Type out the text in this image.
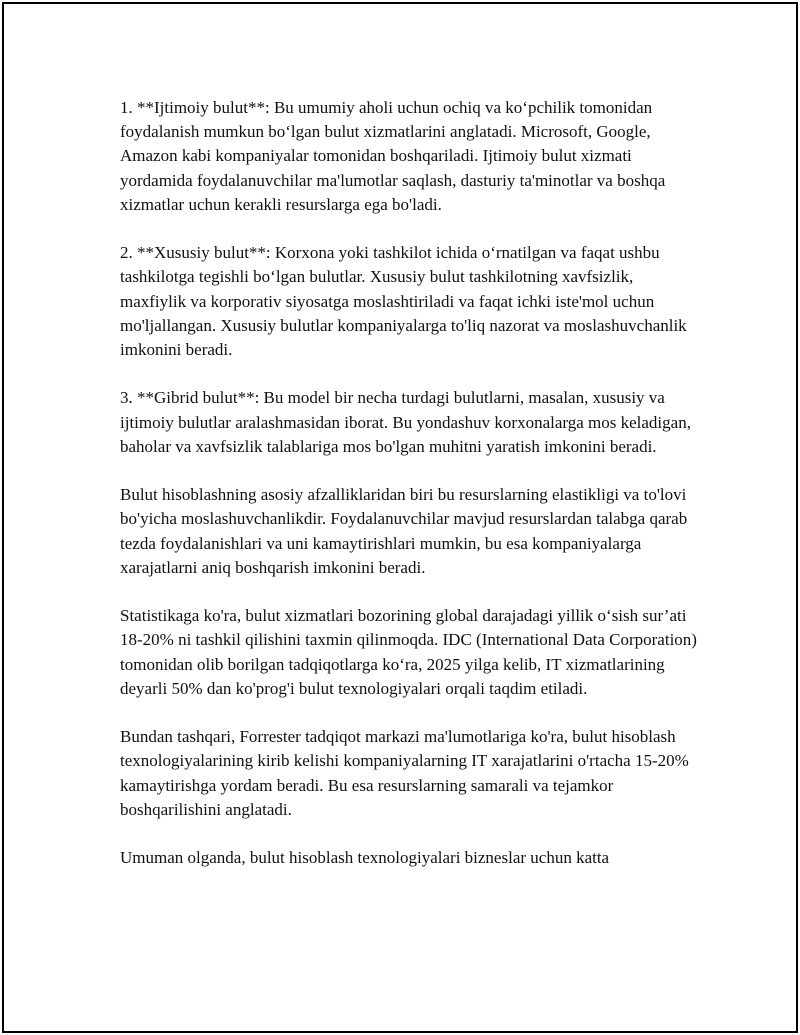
1. **Ijtimoiy bulut**: Bu umumiy aholi uchun ochiq va koʻpchilik tomonidan foydalanish mumkun boʻlgan bulut xizmatlarini anglatadi. Microsoft, Google, Amazon kabi kompaniyalar tomonidan boshqariladi. Ijtimoiy bulut xizmati yordamida foydalanuvchilar ma'lumotlar saqlash, dasturiy ta'minotlar va boshqa xizmatlar uchun kerakli resurslarga ega bo'ladi.

2. **Xususiy bulut**: Korxona yoki tashkilot ichida oʻrnatilgan va faqat ushbu tashkilotga tegishli boʻlgan bulutlar. Xususiy bulut tashkilotning xavfsizlik, maxfiylik va korporativ siyosatga moslashtiriladi va faqat ichki iste'mol uchun mo'ljallangan. Xususiy bulutlar kompaniyalarga to'liq nazorat va moslashuvchanlik imkonini beradi.

3. **Gibrid bulut**: Bu model bir necha turdagi bulutlarni, masalan, xususiy va ijtimoiy bulutlar aralashmasidan iborat. Bu yondashuv korxonalarga mos keladigan, baholar va xavfsizlik talablariga mos bo'lgan muhitni yaratish imkonini beradi.

Bulut hisoblashning asosiy afzalliklaridan biri bu resurslarning elastikligi va to'lovi bo'yicha moslashuvchanlikdir. Foydalanuvchilar mavjud resurslardan talabga qarab tezda foydalanishlari va uni kamaytirishlari mumkin, bu esa kompaniyalarga xarajatlarni aniq boshqarish imkonini beradi.

Statistikaga ko'ra, bulut xizmatlari bozorining global darajadagi yillik oʻsish sur’ati 18-20% ni tashkil qilishini taxmin qilinmoqda. IDC (International Data Corporation) tomonidan olib borilgan tadqiqotlarga koʻra, 2025 yilga kelib, IT xizmatlarining deyarli 50% dan ko'prog'i bulut texnologiyalari orqali taqdim etiladi.

Bundan tashqari, Forrester tadqiqot markazi ma'lumotlariga ko'ra, bulut hisoblash texnologiyalarining kirib kelishi kompaniyalarning IT xarajatlarini o'rtacha 15-20% kamaytirishga yordam beradi. Bu esa resurslarning samarali va tejamkor boshqarilishini anglatadi.

Umuman olganda, bulut hisoblash texnologiyalari bizneslar uchun katta
